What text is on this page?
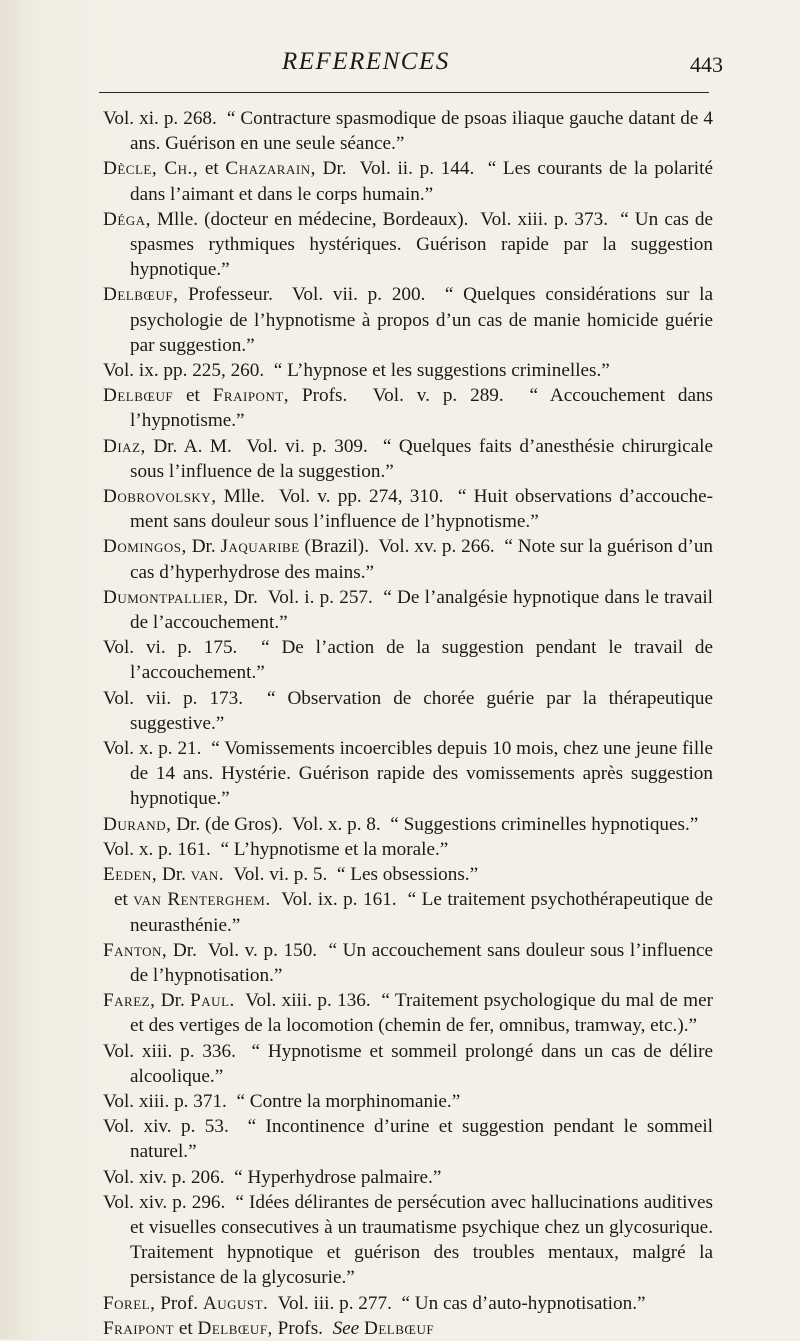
REFERENCES	443

Vol. xi. p. 268. “ Contracture spasmodique de psoas iliaque gauche datant de 4 ans. Guérison en une seule séance.”

Dècle, Ch., et Chazarain, Dr. Vol. ii. p. 144. “ Les courants de la polarité dans l’aimant et dans le corps humain.”

Déga, Mlle. (docteur en médecine, Bordeaux). Vol. xiii. p. 373. “ Un cas de spasmes rythmiques hystériques. Guérison rapide par la suggestion hypnotique.”

Delbœuf, Professeur. Vol. vii. p. 200. “ Quelques considérations sur la psychologie de l’hypnotisme à propos d’un cas de manie homicide guérie par suggestion.”

Vol. ix. pp. 225, 260. “ L’hypnose et les suggestions criminelles.”

Delbœuf et Fraipont, Profs. Vol. v. p. 289. “ Accouchement dans l’hypnotisme.”

Diaz, Dr. A. M. Vol. vi. p. 309. “ Quelques faits d’anesthésie chirurgicale sous l’influence de la suggestion.”

Dobrovolsky, Mlle. Vol. v. pp. 274, 310. “ Huit observations d’accouchement sans douleur sous l’influence de l’hypnotisme.”

Domingos, Dr. Jaquaribe (Brazil). Vol. xv. p. 266. “ Note sur la guérison d’un cas d’hyperhydrose des mains.”

Dumontpallier, Dr. Vol. i. p. 257. “ De l’analgésie hypnotique dans le travail de l’accouchement.”

Vol. vi. p. 175. “ De l’action de la suggestion pendant le travail de l’accouchement.”

Vol. vii. p. 173. “ Observation de chorée guérie par la thérapeutique suggestive.”

Vol. x. p. 21. “ Vomissements incoercibles depuis 10 mois, chez une jeune fille de 14 ans. Hystérie. Guérison rapide des vomissements après suggestion hypnotique.”

Durand, Dr. (de Gros). Vol. x. p. 8. “ Suggestions criminelles hypnotiques.”

Vol. x. p. 161. “ L’hypnotisme et la morale.”

Eeden, Dr. van. Vol. vi. p. 5. “ Les obsessions.”

et van Renterghem. Vol. ix. p. 161. “ Le traitement psychothérapeutique de neurasthénie.”

Fanton, Dr. Vol. v. p. 150. “ Un accouchement sans douleur sous l’influence de l’hypnotisation.”

Farez, Dr. Paul. Vol. xiii. p. 136. “ Traitement psychologique du mal de mer et des vertiges de la locomotion (chemin de fer, omnibus, tramway, etc.).”

Vol. xiii. p. 336. “ Hypnotisme et sommeil prolongé dans un cas de délire alcoolique.”

Vol. xiii. p. 371. “ Contre la morphinomanie.”

Vol. xiv. p. 53. “ Incontinence d’urine et suggestion pendant le sommeil naturel.”

Vol. xiv. p. 206. “ Hyperhydrose palmaire.”

Vol. xiv. p. 296. “ Idées délirantes de persécution avec hallucinations auditives et visuelles consecutives à un traumatisme psychique chez un glycosurique. Traitement hypnotique et guérison des troubles mentaux, malgré la persistance de la glycosurie.”

Forel, Prof. August. Vol. iii. p. 277. “ Un cas d’auto-hypnotisation.”

Fraipont et Delbœuf, Profs. See Delbœuf
